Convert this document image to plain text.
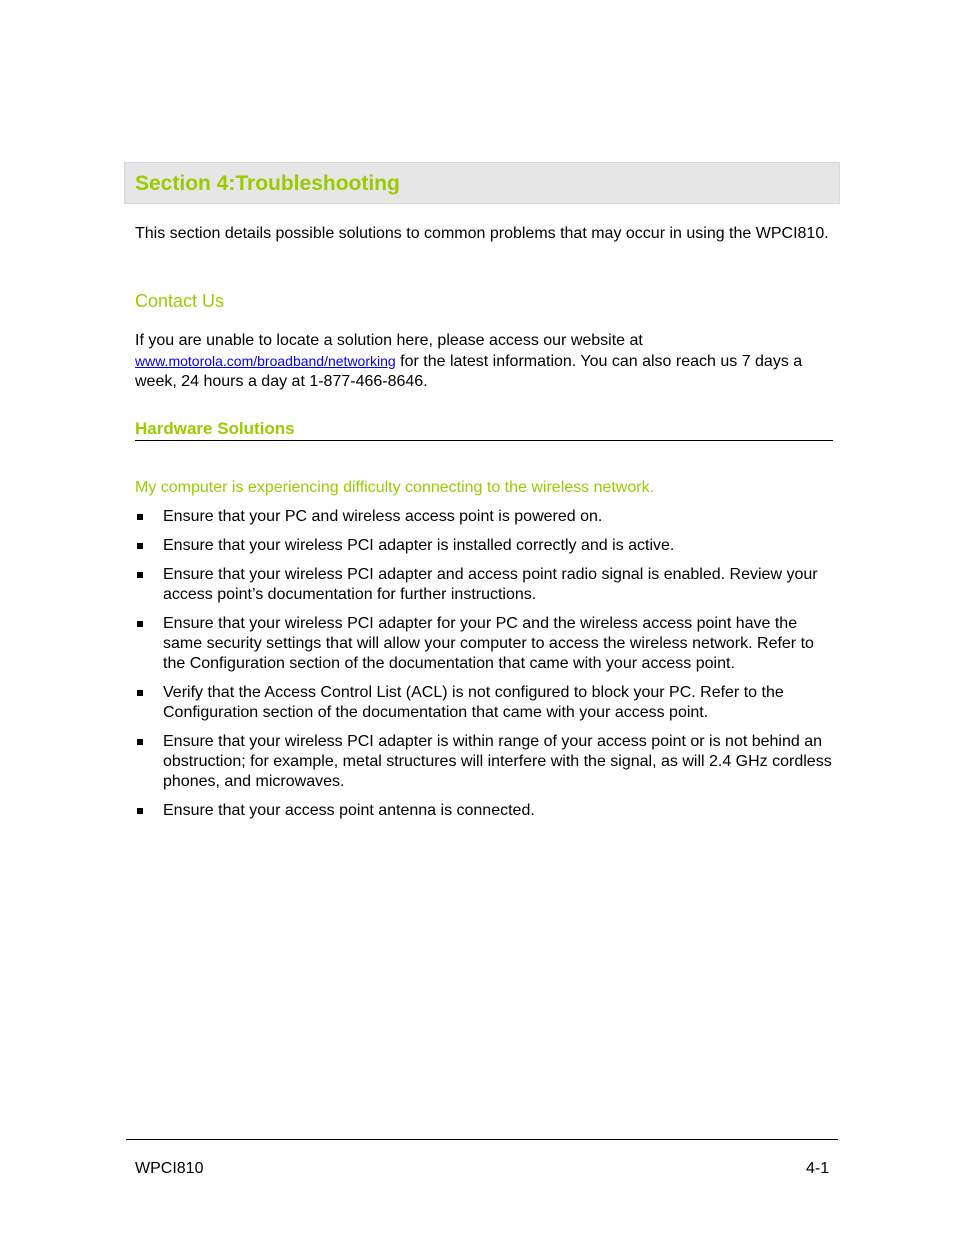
Section 4:Troubleshooting

This section details possible solutions to common problems that may occur in using the WPCI810.

Contact Us

If you are unable to locate a solution here, please access our website at www.motorola.com/broadband/networking for the latest information. You can also reach us 7 days a week, 24 hours a day at 1-877-466-8646.

Hardware Solutions

My computer is experiencing difficulty connecting to the wireless network.

Ensure that your PC and wireless access point is powered on.
Ensure that your wireless PCI adapter is installed correctly and is active.
Ensure that your wireless PCI adapter and access point radio signal is enabled. Review your access point’s documentation for further instructions.
Ensure that your wireless PCI adapter for your PC and the wireless access point have the same security settings that will allow your computer to access the wireless network. Refer to the Configuration section of the documentation that came with your access point.
Verify that the Access Control List (ACL) is not configured to block your PC. Refer to the Configuration section of the documentation that came with your access point.
Ensure that your wireless PCI adapter is within range of your access point or is not behind an obstruction; for example, metal structures will interfere with the signal, as will 2.4 GHz cordless phones, and microwaves.
Ensure that your access point antenna is connected.
WPCI810	4-1
